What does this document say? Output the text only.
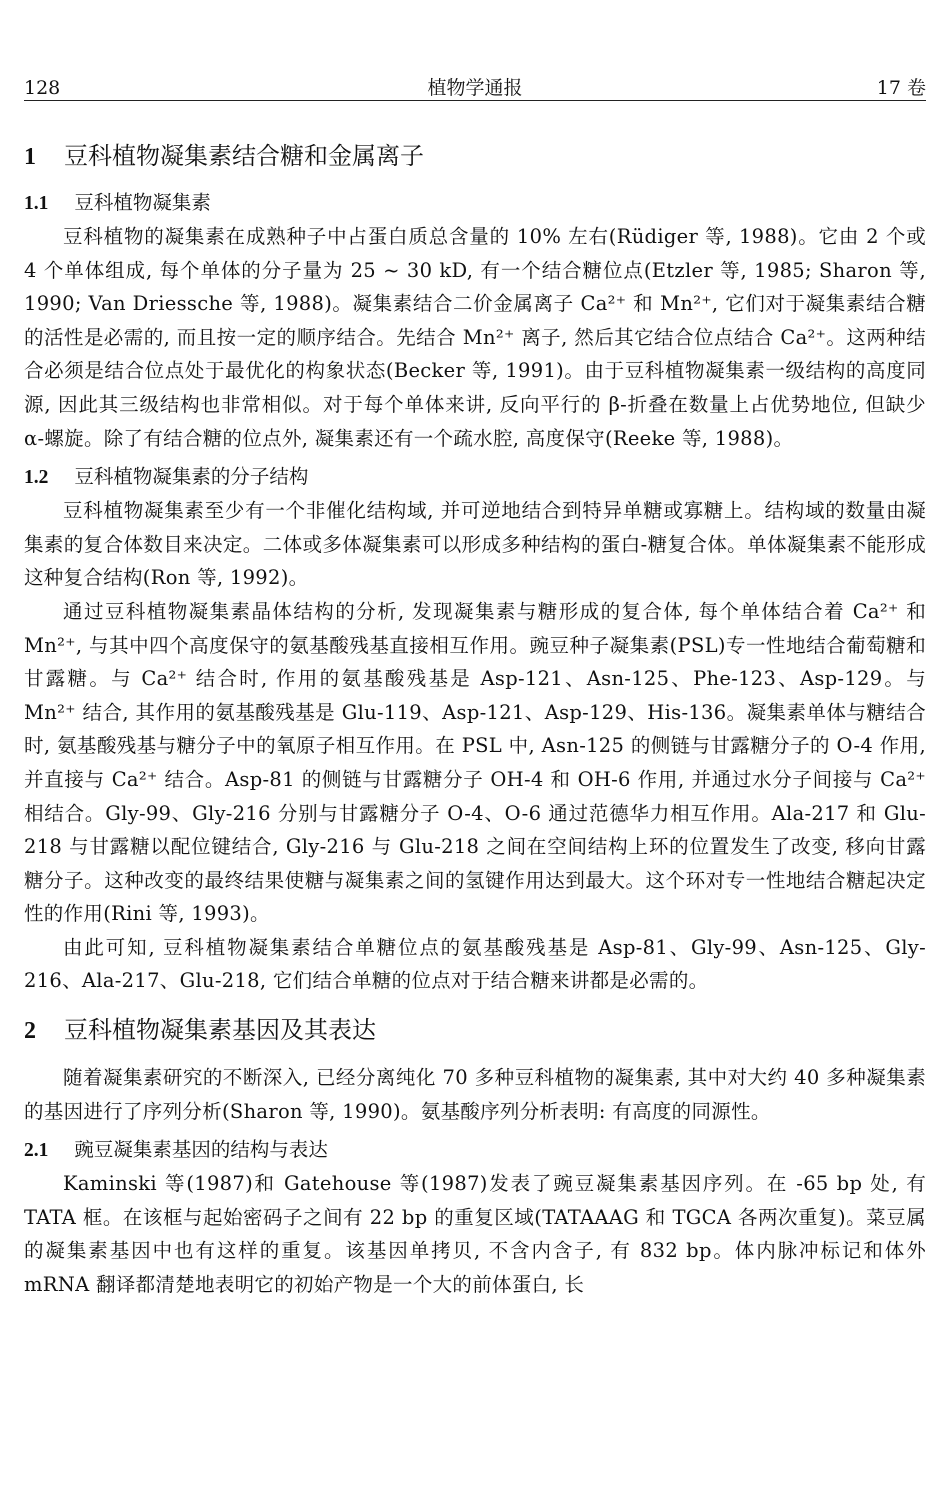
128	植物学通报	17 卷
1 豆科植物凝集素结合糖和金属离子
1.1 豆科植物凝集素

豆科植物的凝集素在成熟种子中占蛋白质总含量的 10% 左右(Rüdiger 等, 1988)。它由 2 个或 4 个单体组成, 每个单体的分子量为 25 ~ 30 kD, 有一个结合糖位点(Etzler 等, 1985; Sharon 等, 1990; Van Driessche 等, 1988)。凝集素结合二价金属离子 Ca²⁺ 和 Mn²⁺, 它们对于凝集素结合糖的活性是必需的, 而且按一定的顺序结合。先结合 Mn²⁺ 离子, 然后其它结合位点结合 Ca²⁺。这两种结合必须是结合位点处于最优化的构象状态(Becker 等, 1991)。由于豆科植物凝集素一级结构的高度同源, 因此其三级结构也非常相似。对于每个单体来讲, 反向平行的 β-折叠在数量上占优势地位, 但缺少 α-螺旋。除了有结合糖的位点外, 凝集素还有一个疏水腔, 高度保守(Reeke 等, 1988)。

1.2 豆科植物凝集素的分子结构

豆科植物凝集素至少有一个非催化结构域, 并可逆地结合到特异单糖或寡糖上。结构域的数量由凝集素的复合体数目来决定。二体或多体凝集素可以形成多种结构的蛋白-糖复合体。单体凝集素不能形成这种复合结构(Ron 等, 1992)。

通过豆科植物凝集素晶体结构的分析, 发现凝集素与糖形成的复合体, 每个单体结合着 Ca²⁺ 和 Mn²⁺, 与其中四个高度保守的氨基酸残基直接相互作用。豌豆种子凝集素(PSL)专一性地结合葡萄糖和甘露糖。与 Ca²⁺ 结合时, 作用的氨基酸残基是 Asp-121、Asn-125、Phe-123、Asp-129。与 Mn²⁺ 结合, 其作用的氨基酸残基是 Glu-119、Asp-121、Asp-129、His-136。凝集素单体与糖结合时, 氨基酸残基与糖分子中的氧原子相互作用。在 PSL 中, Asn-125 的侧链与甘露糖分子的 O-4 作用, 并直接与 Ca²⁺ 结合。Asp-81 的侧链与甘露糖分子 OH-4 和 OH-6 作用, 并通过水分子间接与 Ca²⁺ 相结合。Gly-99、Gly-216 分别与甘露糖分子 O-4、O-6 通过范德华力相互作用。Ala-217 和 Glu-218 与甘露糖以配位键结合, Gly-216 与 Glu-218 之间在空间结构上环的位置发生了改变, 移向甘露糖分子。这种改变的最终结果使糖与凝集素之间的氢键作用达到最大。这个环对专一性地结合糖起决定性的作用(Rini 等, 1993)。

由此可知, 豆科植物凝集素结合单糖位点的氨基酸残基是 Asp-81、Gly-99、Asn-125、Gly-216、Ala-217、Glu-218, 它们结合单糖的位点对于结合糖来讲都是必需的。

2 豆科植物凝集素基因及其表达

随着凝集素研究的不断深入, 已经分离纯化 70 多种豆科植物的凝集素, 其中对大约 40 多种凝集素的基因进行了序列分析(Sharon 等, 1990)。氨基酸序列分析表明: 有高度的同源性。

2.1 豌豆凝集素基因的结构与表达

Kaminski 等(1987)和 Gatehouse 等(1987)发表了豌豆凝集素基因序列。在 -65 bp 处, 有 TATA 框。在该框与起始密码子之间有 22 bp 的重复区域(TATAAAG 和 TGCA 各两次重复)。菜豆属的凝集素基因中也有这样的重复。该基因单拷贝, 不含内含子, 有 832 bp。体内脉冲标记和体外 mRNA 翻译都清楚地表明它的初始产物是一个大的前体蛋白, 长
